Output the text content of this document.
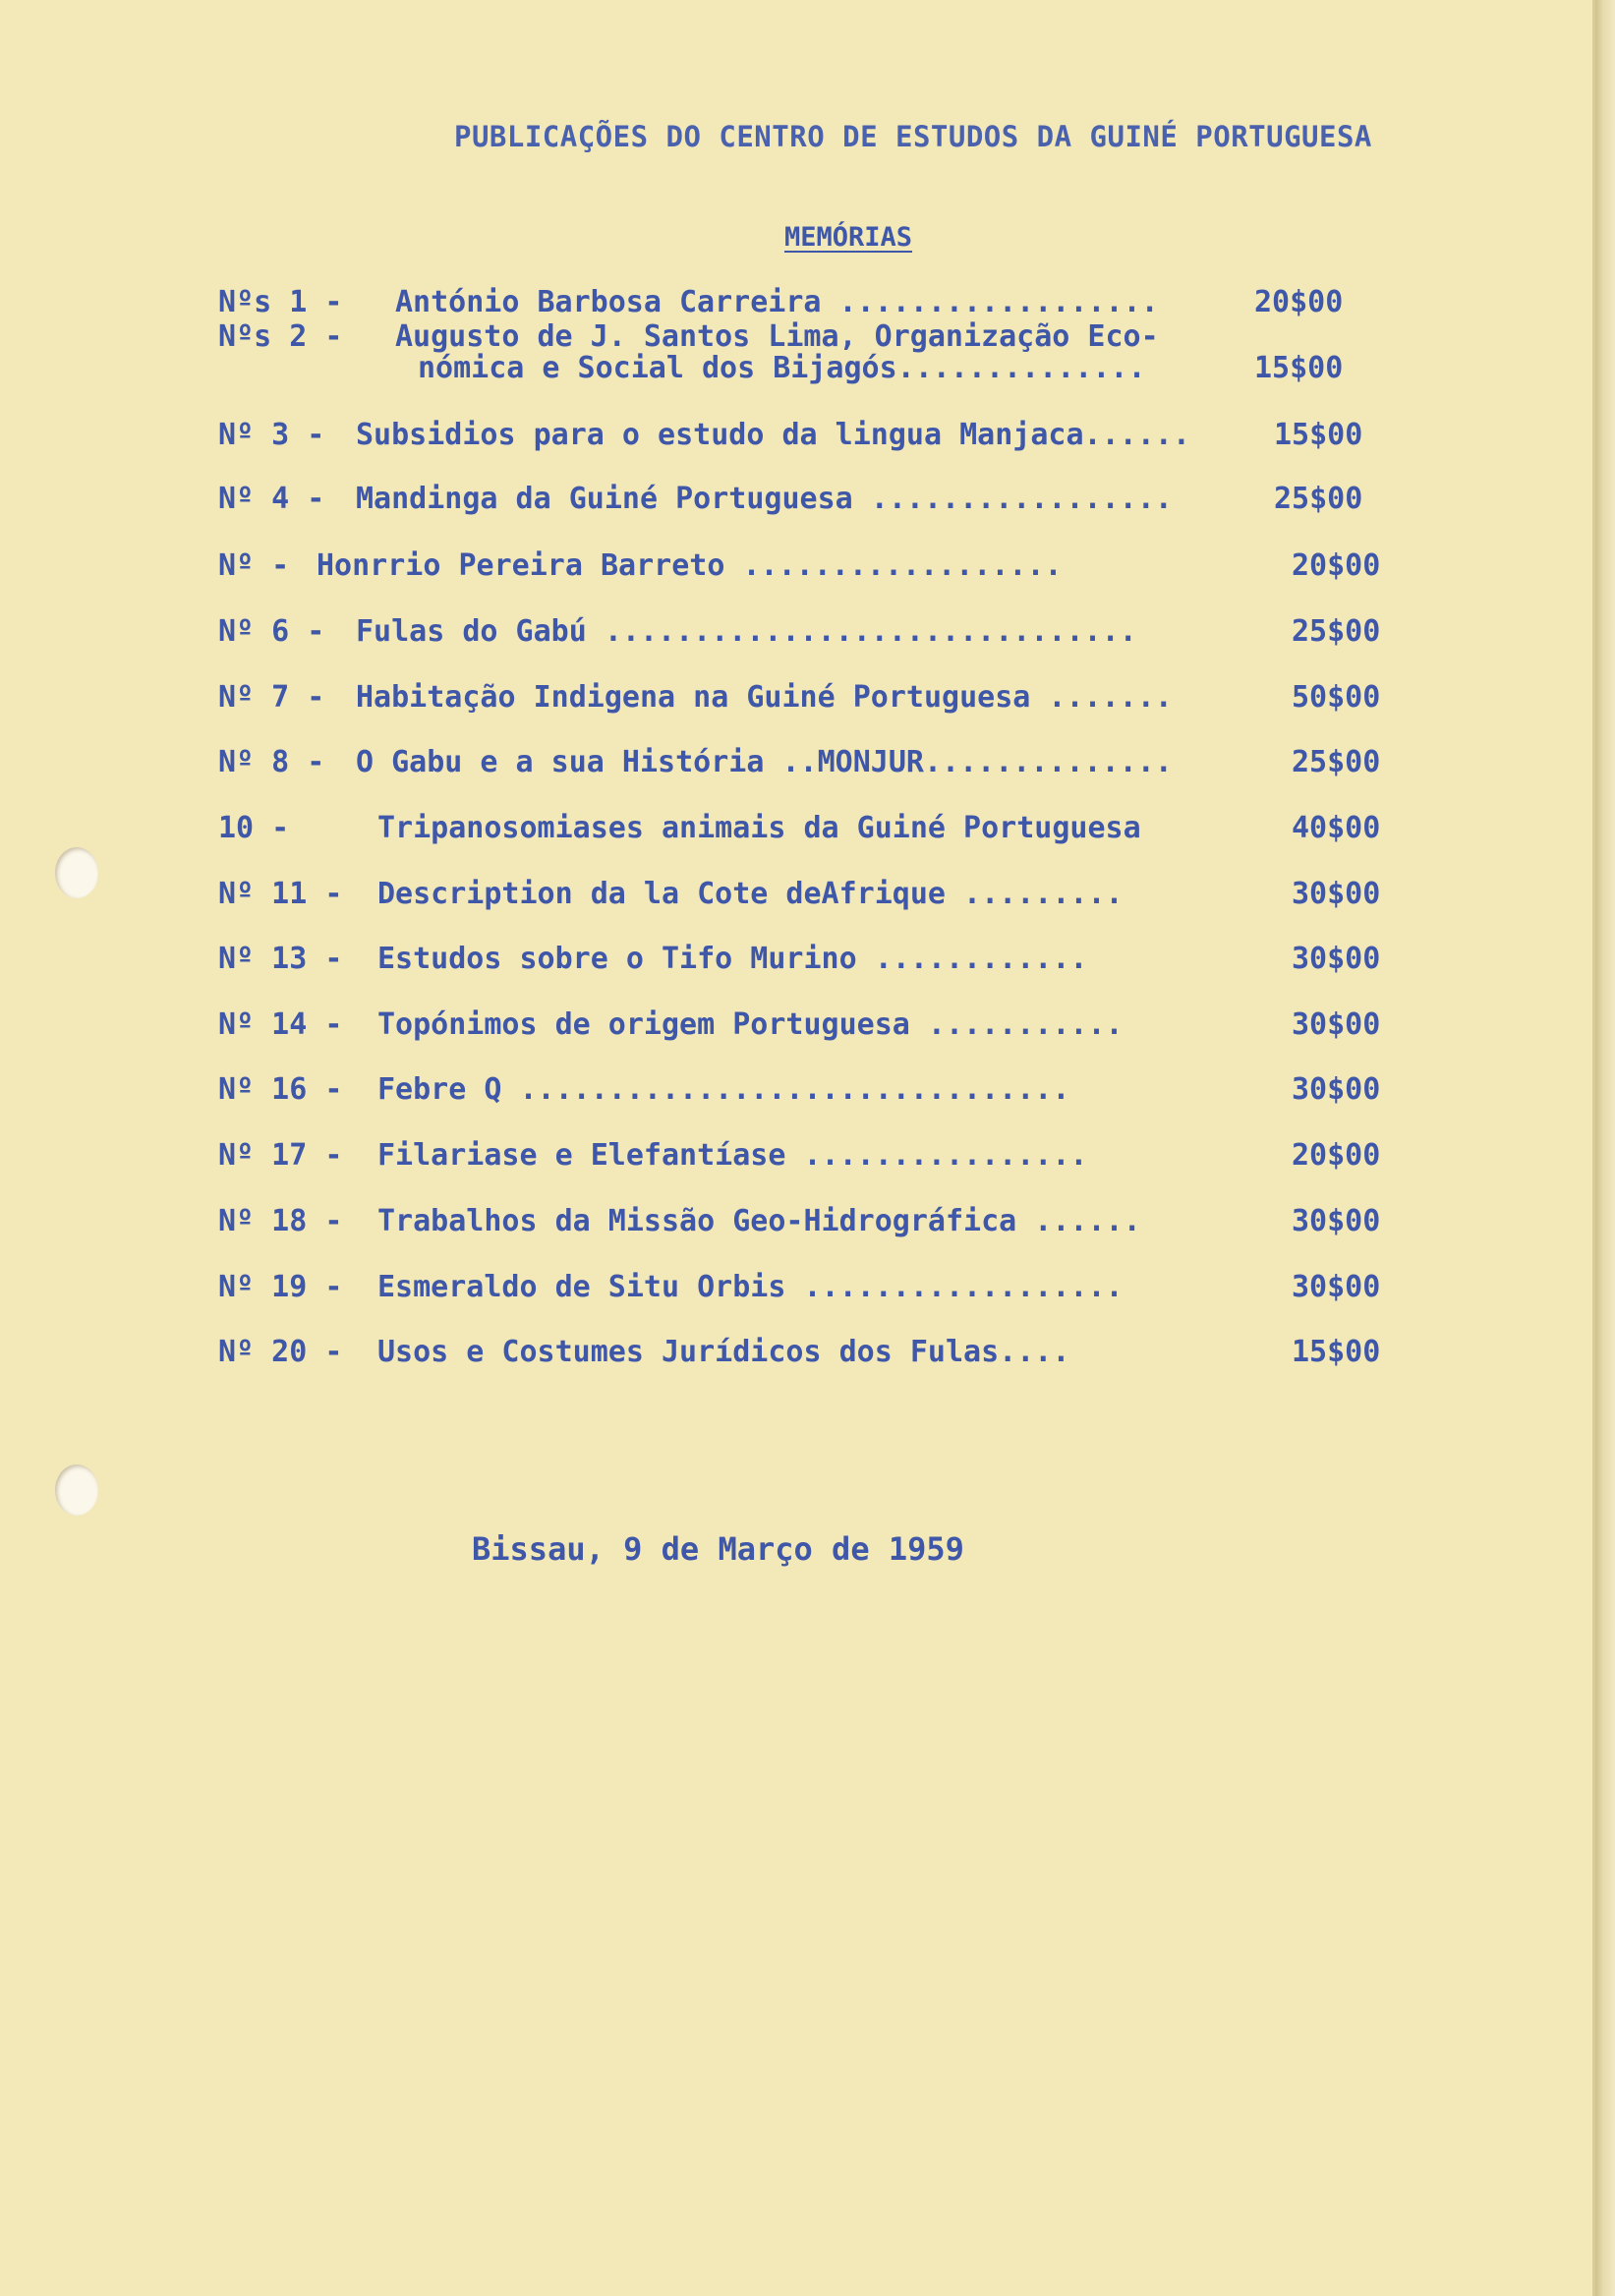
PUBLICAÇÕES DO CENTRO DE ESTUDOS DA GUINÉ PORTUGUESA
MEMÓRIAS
Nºs 1 - António Barbosa Carreira ..................	20$00
Nºs 2 - Augusto de J. Santos Lima, Organização Eco-
nómica e Social dos Bijagós..............	15$00
Nº 3 - Subsidios para o estudo da lingua Manjaca......	15$00
Nº 4 - Mandinga da Guiné Portuguesa .................	25$00
Nº - Honrrio Pereira Barreto ..................	20$00
Nº 6 - Fulas do Gabú ..............................	25$00
Nº 7 - Habitação Indigena na Guiné Portuguesa .......	50$00
Nº 8 - O Gabu e a sua História ..MONJUR..............	25$00
10 -	Tripanosomiases animais da Guiné Portuguesa	40$00
Nº 11 - Description da la Cote deAfrique .........	30$00
Nº 13 - Estudos sobre o Tifo Murino ............	30$00
Nº 14 - Topónimos de origem Portuguesa ...........	30$00
Nº 16 - Febre Q ...............................	30$00
Nº 17 - Filariase e Elefantíase ................	20$00
Nº 18 - Trabalhos da Missão Geo-Hidrográfica ......	30$00
Nº 19 - Esmeraldo de Situ Orbis ..................	30$00
Nº 20 - Usos e Costumes Jurídicos dos Fulas....	15$00
Bissau, 9 de Março de 1959
